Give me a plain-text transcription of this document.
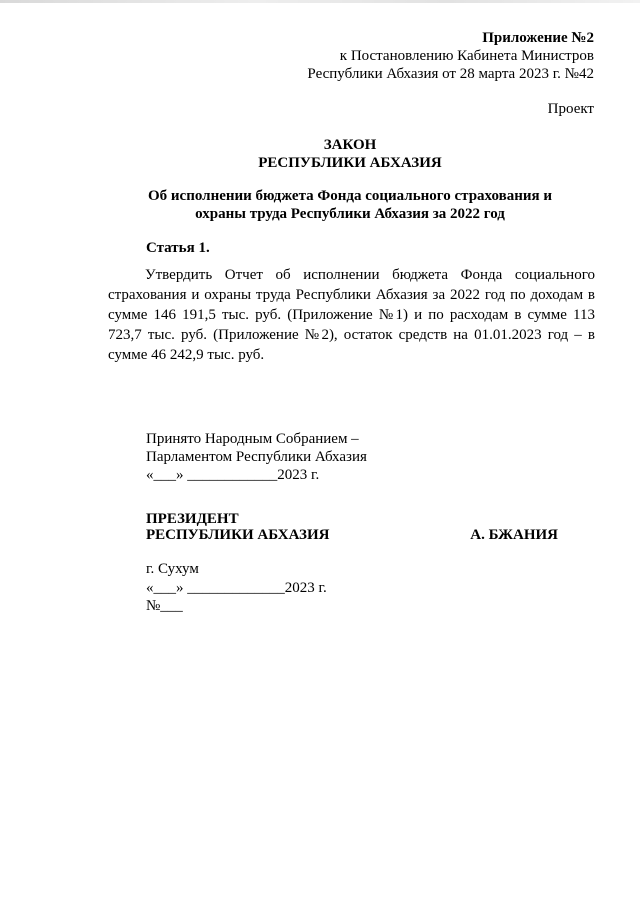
Приложение №2
к Постановлению Кабинета Министров
Республики Абхазия от 28 марта 2023 г. №42
Проект
ЗАКОН
РЕСПУБЛИКИ АБХАЗИЯ
Об исполнении бюджета Фонда социального страхования и
охраны труда Республики Абхазия за 2022 год
Статья 1.
Утвердить Отчет об исполнении бюджета Фонда социального страхования и охраны труда Республики Абхазия за 2022 год по доходам в сумме 146 191,5 тыс. руб. (Приложение №1) и по расходам в сумме 113 723,7 тыс. руб. (Приложение №2), остаток средств на 01.01.2023 год – в сумме 46 242,9 тыс. руб.
Принято Народным Собранием –
Парламентом Республики Абхазия
«___» ____________2023 г.
ПРЕЗИДЕНТ
РЕСПУБЛИКИ АБХАЗИЯ	А. БЖАНИЯ
г. Сухум
«___» _____________2023 г.
№___
